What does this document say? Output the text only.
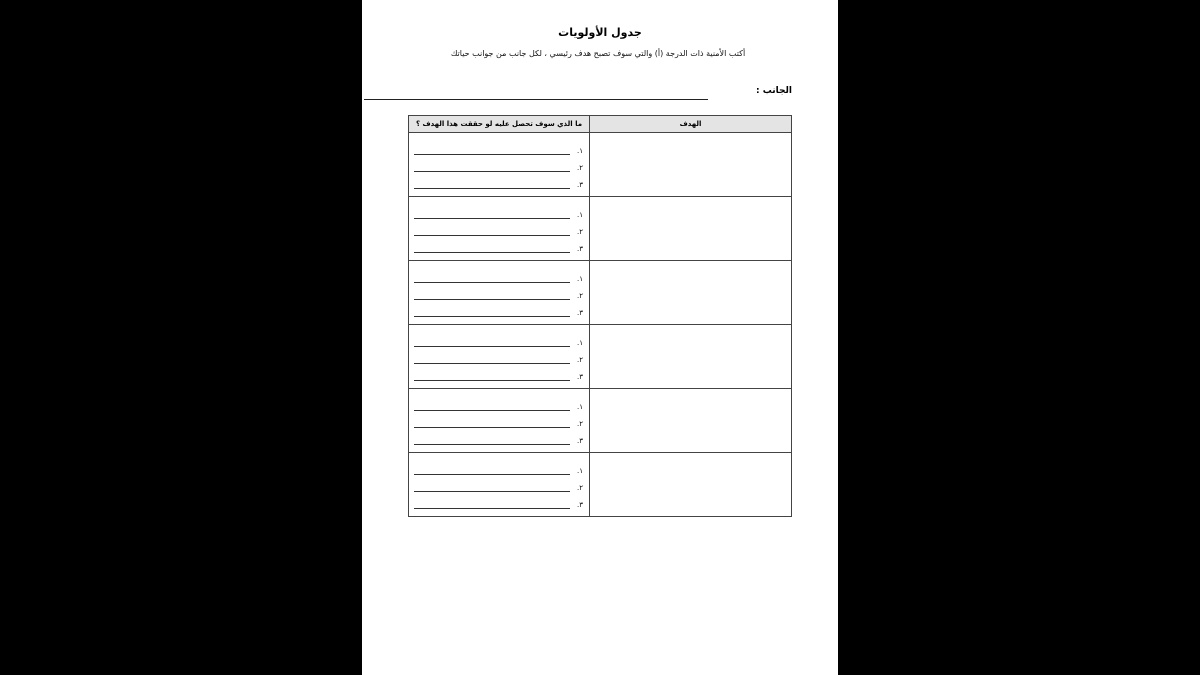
جدول الأولويات
أكتب الأمنية ذات الدرجة (أ) والتي سوف تصبح هدف رئيسي ، لكل جانب من جوانب حياتك
الجانب :
الهدف
ما الذي سوف تحصل عليه لو حققت هذا الهدف ؟
١.
٢.
٣.
١.
٢.
٣.
١.
٢.
٣.
١.
٢.
٣.
١.
٢.
٣.
١.
٢.
٣.
